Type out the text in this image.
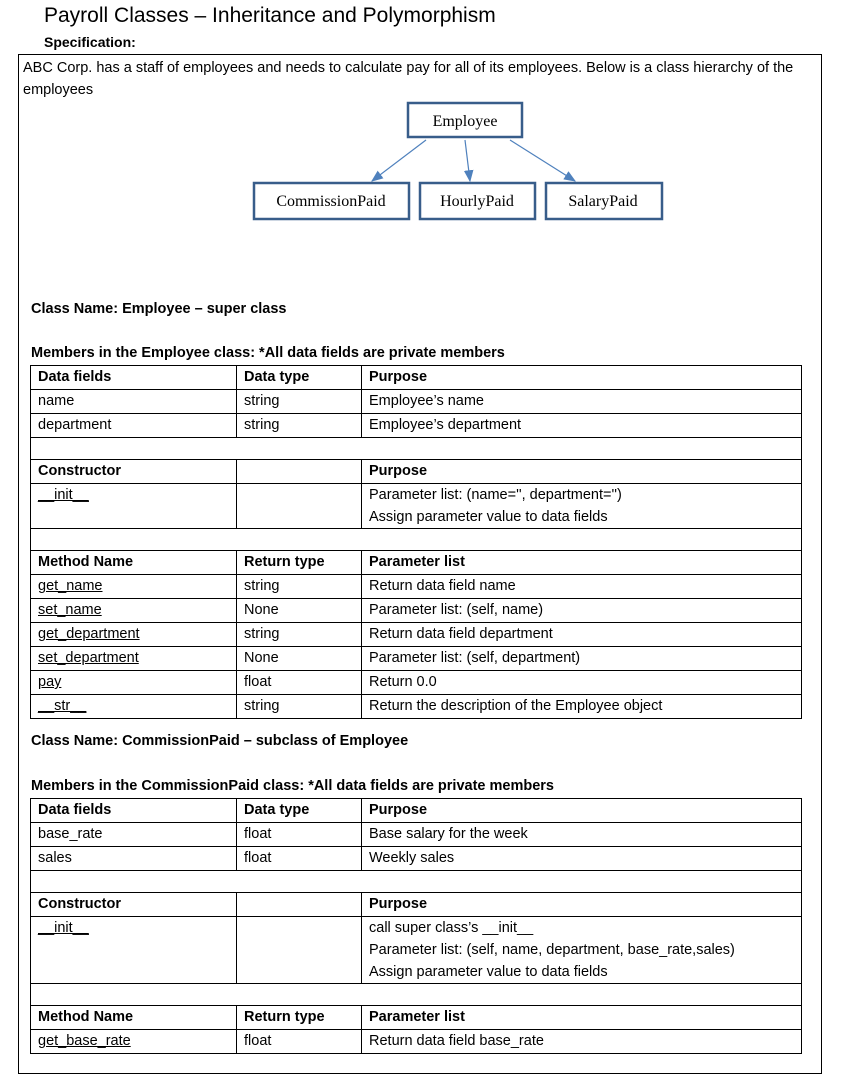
Payroll Classes – Inheritance and Polymorphism
Specification:
ABC Corp. has a staff of employees and needs to calculate pay for all of its employees. Below is a class hierarchy of the employees
Employee
CommissionPaid	HourlyPaid	SalaryPaid
Class Name: Employee – super class
Members in the Employee class: *All data fields are private members
Data fields	Data type	Purpose
name	string	Employee’s name
department	string	Employee’s department

Constructor		Purpose
__init__		Parameter list: (name='', department='')
Assign parameter value to data fields

Method Name	Return type	Parameter list
get_name	string	Return data field name
set_name	None	Parameter list: (self, name)
get_department	string	Return data field department
set_department	None	Parameter list: (self, department)
pay	float	Return 0.0
__str__	string	Return the description of the Employee object
Class Name: CommissionPaid – subclass of Employee
Members in the CommissionPaid class: *All data fields are private members
Data fields	Data type	Purpose
base_rate	float	Base salary for the week
sales	float	Weekly sales

Constructor		Purpose
__init__		call super class’s __init__
Parameter list: (self, name, department, base_rate,sales)
Assign parameter value to data fields

Method Name	Return type	Parameter list
get_base_rate	float	Return data field base_rate
